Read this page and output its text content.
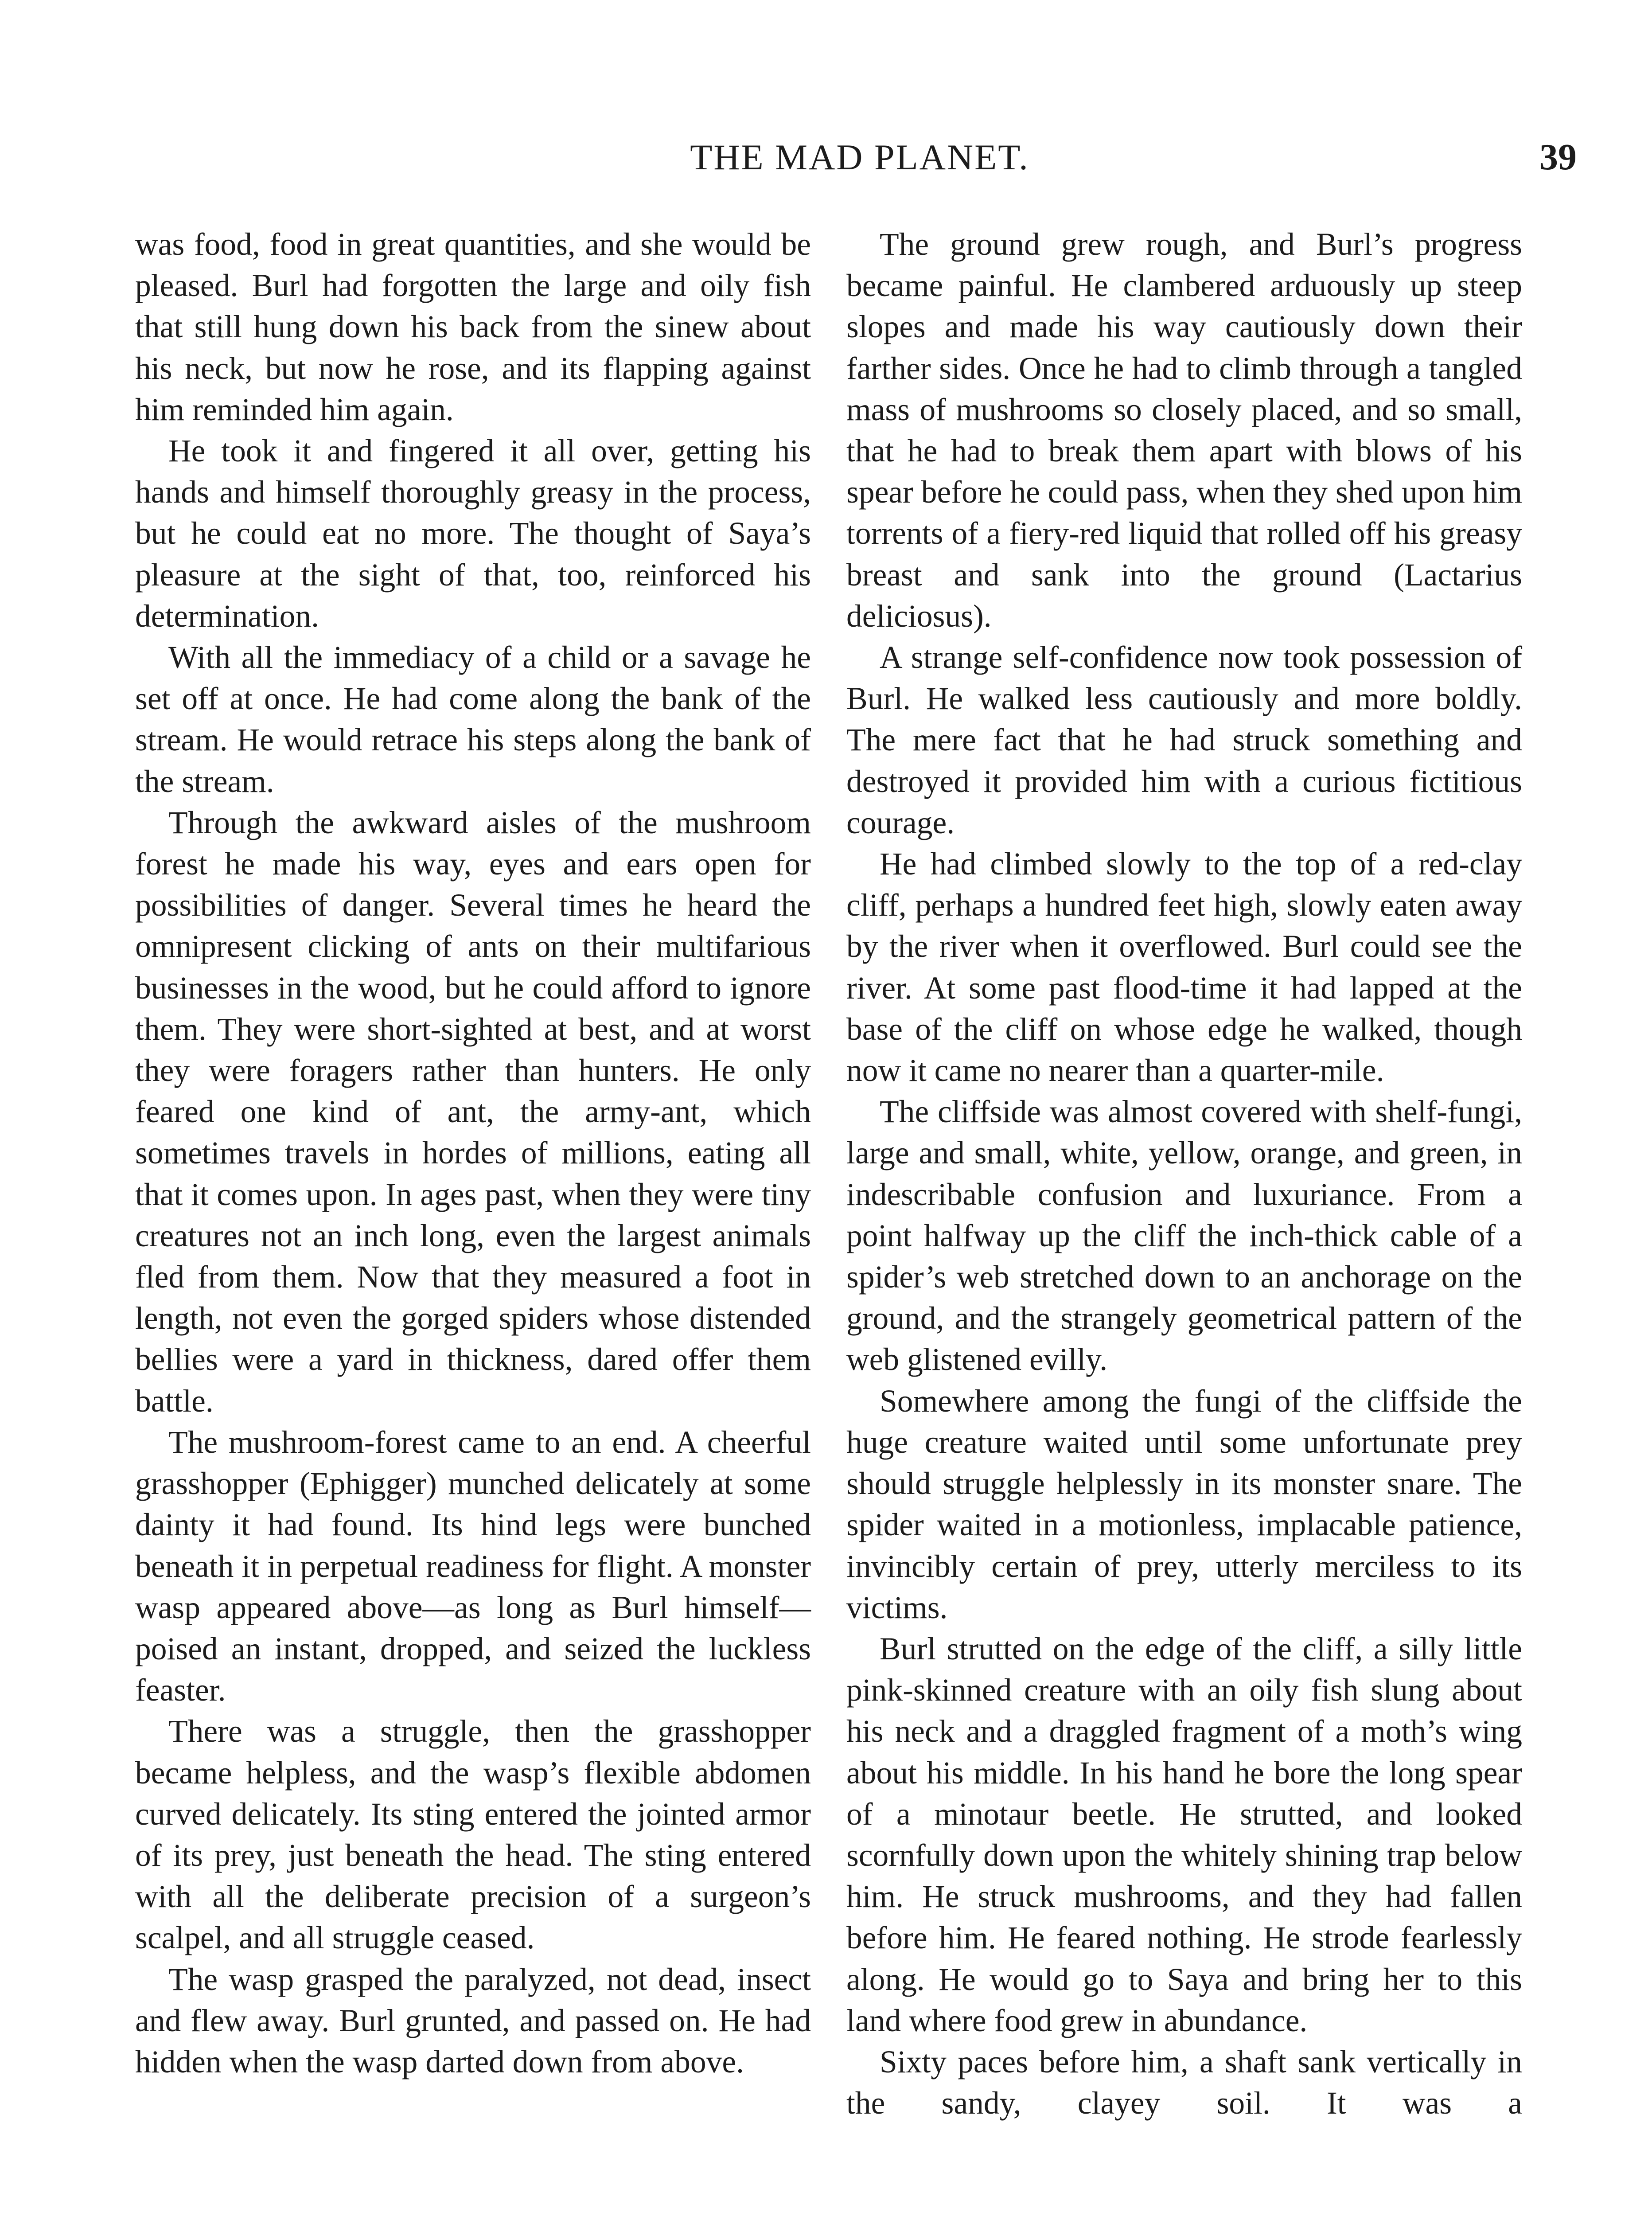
THE MAD PLANET.	39

was food, food in great quantities, and she would be pleased. Burl had forgotten the large and oily fish that still hung down his back from the sinew about his neck, but now he rose, and its flapping against him reminded him again.

He took it and fingered it all over, getting his hands and himself thoroughly greasy in the process, but he could eat no more. The thought of Saya’s pleasure at the sight of that, too, reinforced his determination.

With all the immediacy of a child or a savage he set off at once. He had come along the bank of the stream. He would retrace his steps along the bank of the stream.

Through the awkward aisles of the mushroom forest he made his way, eyes and ears open for possibilities of danger. Several times he heard the omnipresent clicking of ants on their multifarious businesses in the wood, but he could afford to ignore them. They were short-sighted at best, and at worst they were foragers rather than hunters. He only feared one kind of ant, the army-ant, which sometimes travels in hordes of millions, eating all that it comes upon. In ages past, when they were tiny creatures not an inch long, even the largest animals fled from them. Now that they measured a foot in length, not even the gorged spiders whose distended bellies were a yard in thickness, dared offer them battle.

The mushroom-forest came to an end. A cheerful grasshopper (Ephigger) munched delicately at some dainty it had found. Its hind legs were bunched beneath it in perpetual readiness for flight. A monster wasp appeared above—as long as Burl himself—poised an instant, dropped, and seized the luckless feaster.

There was a struggle, then the grasshopper became helpless, and the wasp’s flexible abdomen curved delicately. Its sting entered the jointed armor of its prey, just beneath the head. The sting entered with all the deliberate precision of a surgeon’s scalpel, and all struggle ceased.

The wasp grasped the paralyzed, not dead, insect and flew away. Burl grunted, and passed on. He had hidden when the wasp darted down from above.

The ground grew rough, and Burl’s progress became painful. He clambered arduously up steep slopes and made his way cautiously down their farther sides. Once he had to climb through a tangled mass of mushrooms so closely placed, and so small, that he had to break them apart with blows of his spear before he could pass, when they shed upon him torrents of a fiery-red liquid that rolled off his greasy breast and sank into the ground (Lactarius deliciosus).

A strange self-confidence now took possession of Burl. He walked less cautiously and more boldly. The mere fact that he had struck something and destroyed it provided him with a curious fictitious courage.

He had climbed slowly to the top of a red-clay cliff, perhaps a hundred feet high, slowly eaten away by the river when it overflowed. Burl could see the river. At some past flood-time it had lapped at the base of the cliff on whose edge he walked, though now it came no nearer than a quarter-mile.

The cliffside was almost covered with shelf-fungi, large and small, white, yellow, orange, and green, in indescribable confusion and luxuriance. From a point halfway up the cliff the inch-thick cable of a spider’s web stretched down to an anchorage on the ground, and the strangely geometrical pattern of the web glistened evilly.

Somewhere among the fungi of the cliffside the huge creature waited until some unfortunate prey should struggle helplessly in its monster snare. The spider waited in a motionless, implacable patience, invincibly certain of prey, utterly merciless to its victims.

Burl strutted on the edge of the cliff, a silly little pink-skinned creature with an oily fish slung about his neck and a draggled fragment of a moth’s wing about his middle. In his hand he bore the long spear of a minotaur beetle. He strutted, and looked scornfully down upon the whitely shining trap below him. He struck mushrooms, and they had fallen before him. He feared nothing. He strode fearlessly along. He would go to Saya and bring her to this land where food grew in abundance.

Sixty paces before him, a shaft sank vertically in the sandy, clayey soil. It was a
